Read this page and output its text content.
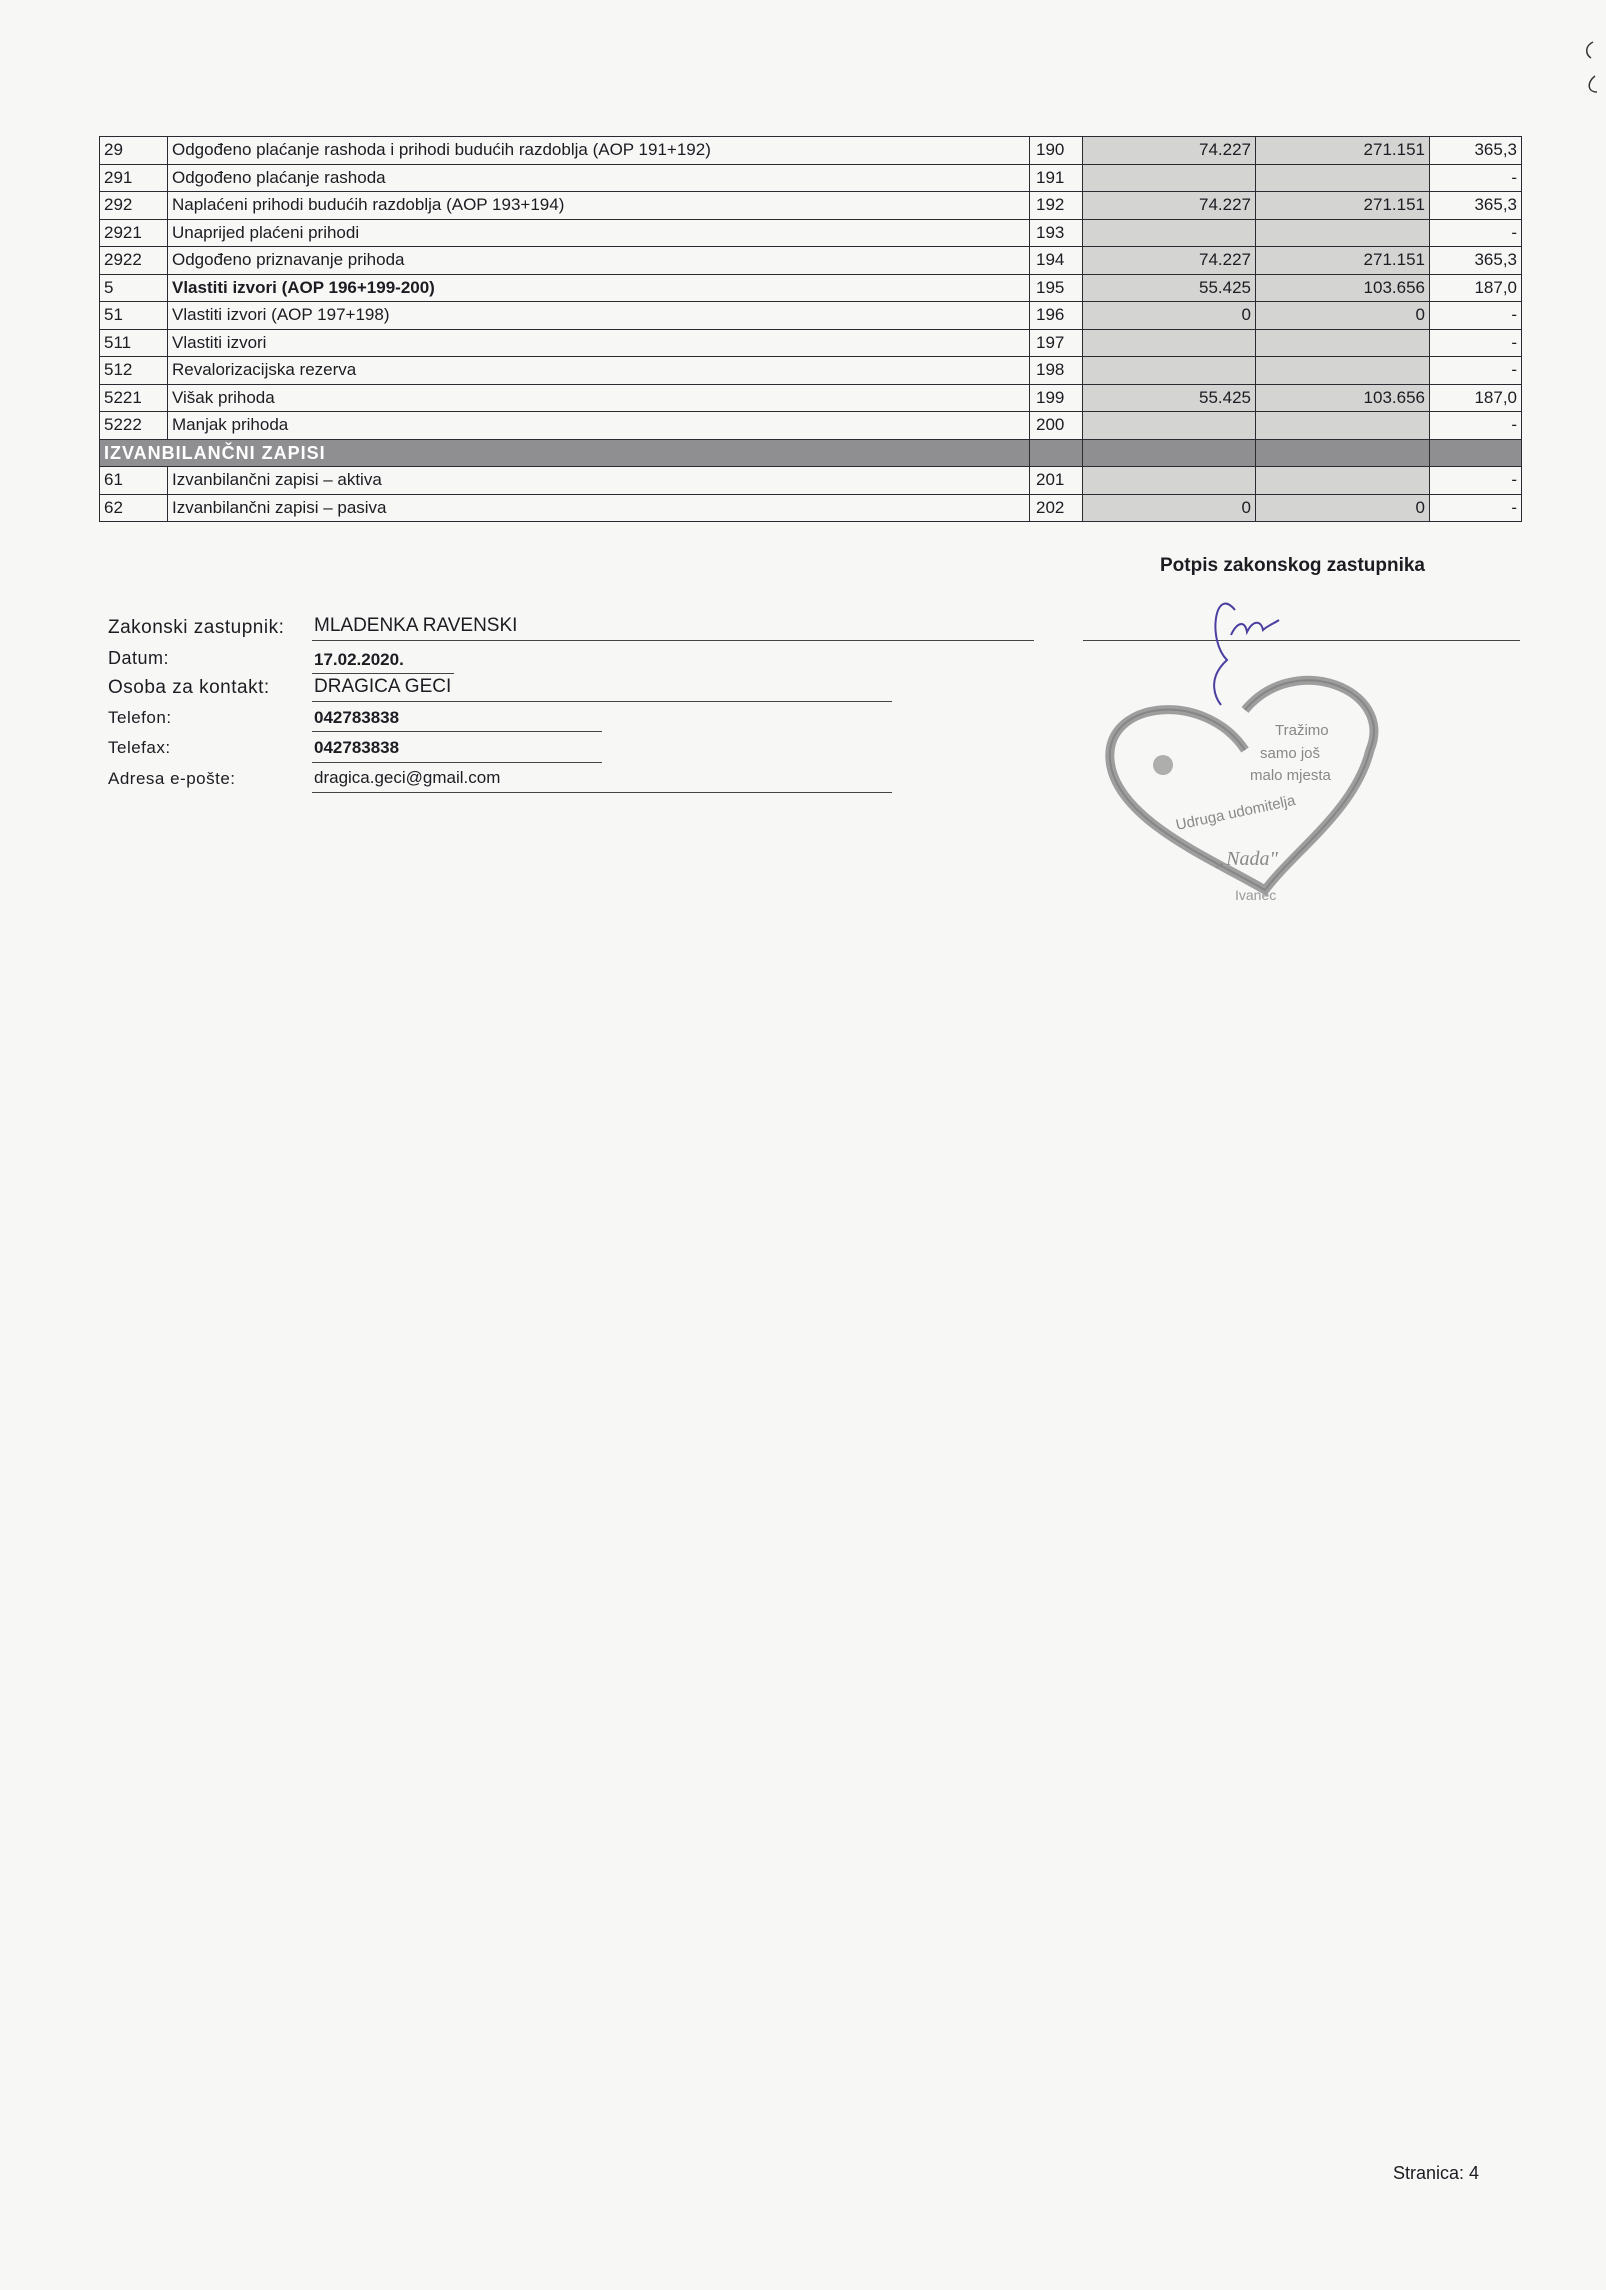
29	Odgođeno plaćanje rashoda i prihodi budućih razdoblja (AOP 191+192)	190	74.227	271.151	365,3
291	Odgođeno plaćanje rashoda	191			-
292	Naplaćeni prihodi budućih razdoblja (AOP 193+194)	192	74.227	271.151	365,3
2921	Unaprijed plaćeni prihodi	193			-
2922	Odgođeno priznavanje prihoda	194	74.227	271.151	365,3
5	Vlastiti izvori (AOP 196+199-200)	195	55.425	103.656	187,0
51	Vlastiti izvori (AOP 197+198)	196	0	0	-
511	Vlastiti izvori	197			-
512	Revalorizacijska rezerva	198			-
5221	Višak prihoda	199	55.425	103.656	187,0
5222	Manjak prihoda	200			-
IZVANBILANČNI ZAPISI					
61	Izvanbilančni zapisi – aktiva	201			-
62	Izvanbilančni zapisi – pasiva	202	0	0	-
Potpis zakonskog zastupnika
Tražimo
samo još
malo mjesta
Udruga udomitelja
„Nada"
Ivanec
Zakonski zastupnik: MLADENKA RAVENSKI
Datum:	17.02.2020.
Osoba za kontakt: DRAGICA GECI
Telefon:	042783838
Telefax:	042783838
Adresa e-pošte:	dragica.geci@gmail.com
Stranica: 4
